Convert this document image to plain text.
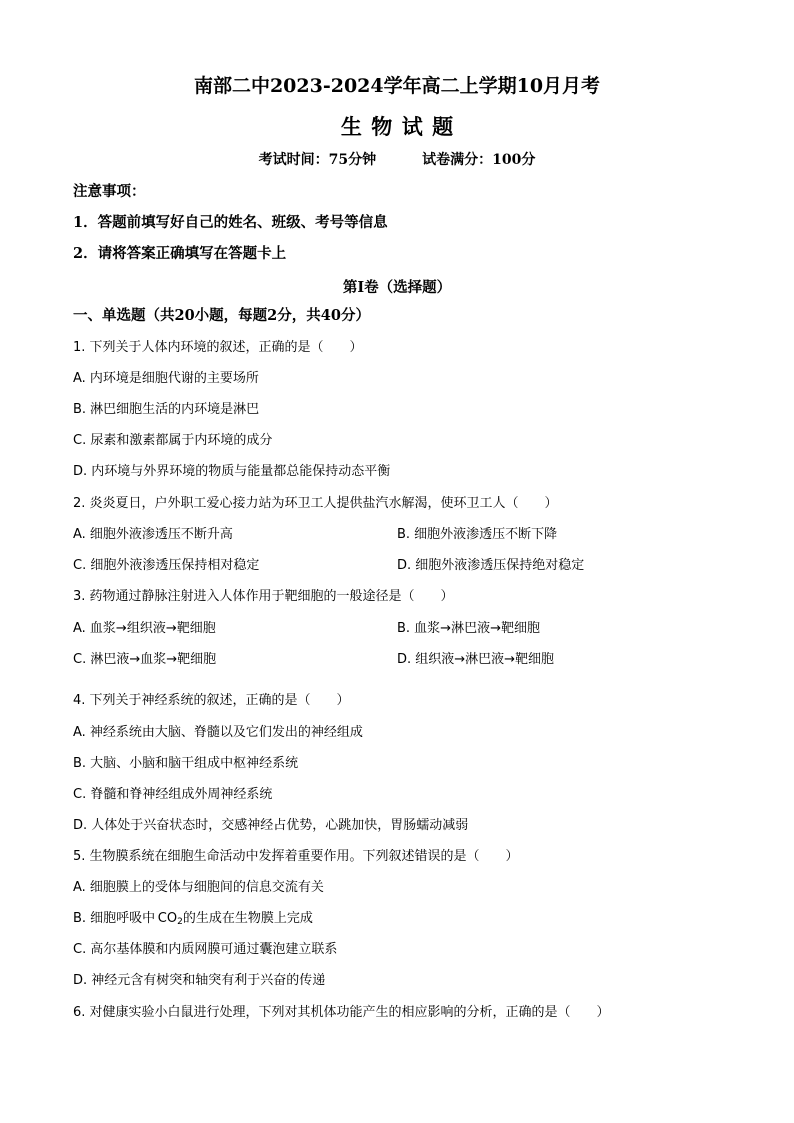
南部二中2023-2024学年高二上学期10月月考
生物试题
考试时间：75分钟	试卷满分：100分
注意事项：
1．答题前填写好自己的姓名、班级、考号等信息
2．请将答案正确填写在答题卡上
第I卷（选择题）
一、单选题（共20小题，每题2分，共40分）
1. 下列关于人体内环境的叙述，正确的是（　　）
A. 内环境是细胞代谢的主要场所
B. 淋巴细胞生活的内环境是淋巴
C. 尿素和激素都属于内环境的成分
D. 内环境与外界环境的物质与能量都总能保持动态平衡
2. 炎炎夏日，户外职工爱心接力站为环卫工人提供盐汽水解渴，使环卫工人（　　）
A. 细胞外液渗透压不断升高	B. 细胞外液渗透压不断下降
C. 细胞外液渗透压保持相对稳定	D. 细胞外液渗透压保持绝对稳定
3. 药物通过静脉注射进入人体作用于靶细胞的一般途径是（　　）
A. 血浆→组织液→靶细胞	B. 血浆→淋巴液→靶细胞
C. 淋巴液→血浆→靶细胞	D. 组织液→淋巴液→靶细胞
4. 下列关于神经系统的叙述，正确的是（　　）
A. 神经系统由大脑、脊髓以及它们发出的神经组成
B. 大脑、小脑和脑干组成中枢神经系统
C. 脊髓和脊神经组成外周神经系统
D. 人体处于兴奋状态时，交感神经占优势，心跳加快，胃肠蠕动减弱
5. 生物膜系统在细胞生命活动中发挥着重要作用。下列叙述错误的是（　　）
A. 细胞膜上的受体与细胞间的信息交流有关
B. 细胞呼吸中  $CO_2$的生成在生物膜上完成
C. 高尔基体膜和内质网膜可通过囊泡建立联系
D. 神经元含有树突和轴突有利于兴奋的传递
6. 对健康实验小白鼠进行处理，下列对其机体功能产生的相应影响的分析，正确的是（　　）
